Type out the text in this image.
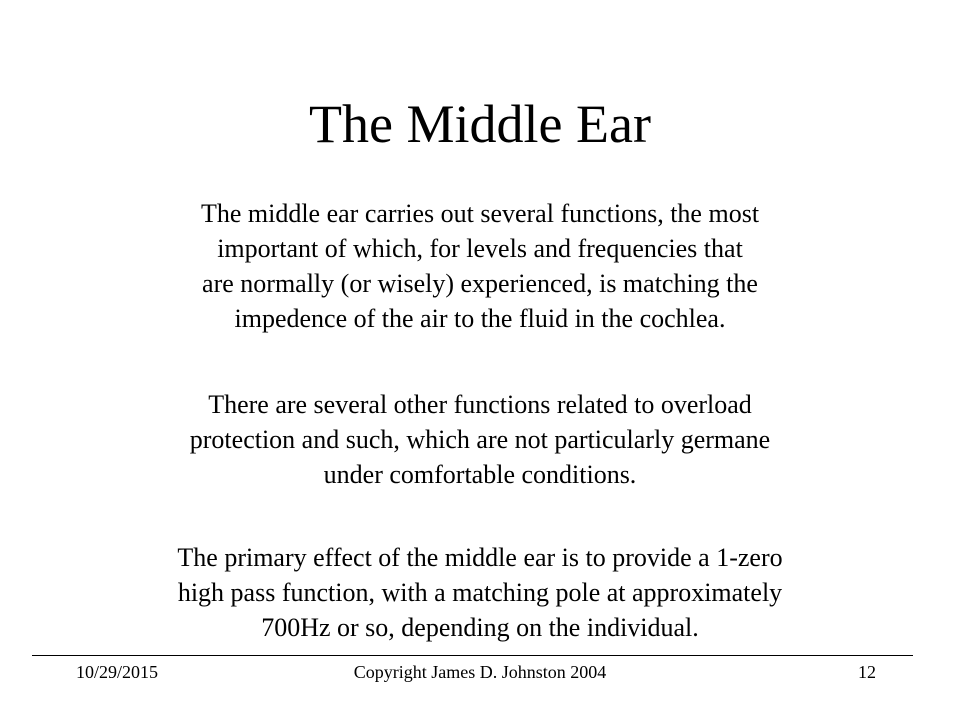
The Middle Ear

The middle ear carries out several functions, the most
important of which, for levels and frequencies that
are normally (or wisely) experienced, is matching the
impedence of the air to the fluid in the cochlea.

There are several other functions related to overload
protection and such, which are not particularly germane
under comfortable conditions.

The primary effect of the middle ear is to provide a 1-zero
high pass function, with a matching pole at approximately
700Hz or so, depending on the individual.

10/29/2015	Copyright James D. Johnston 2004	12
